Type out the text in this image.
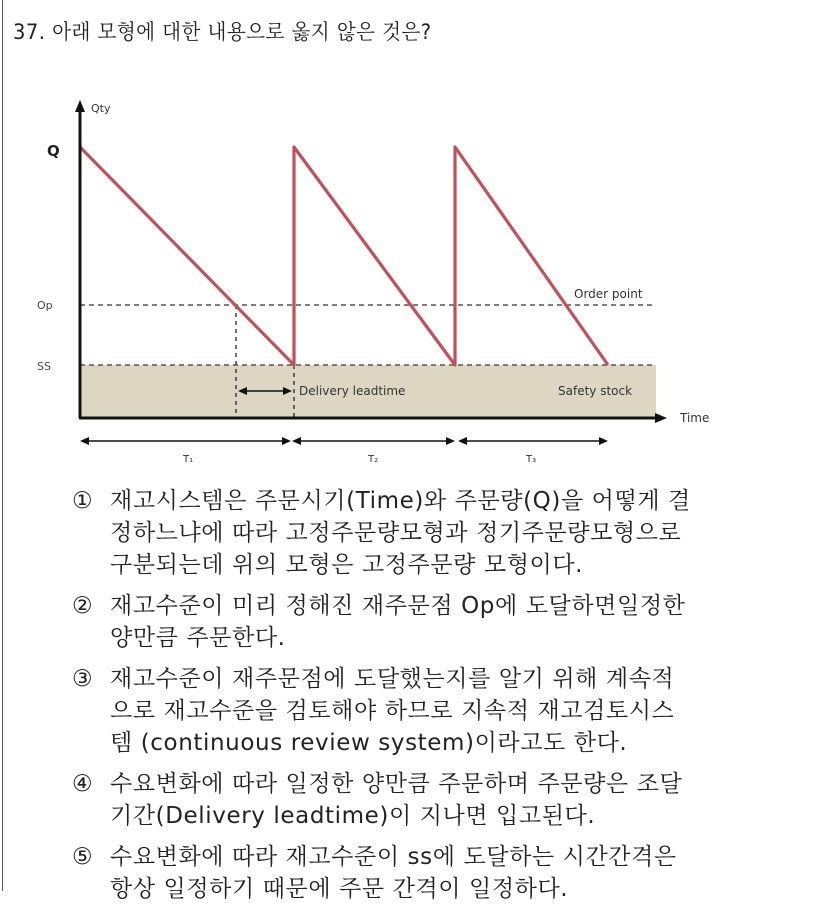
37. 아래 모형에 대한 내용으로 옳지 않은 것은?
Qty
Time
Q
Op
SS
Order point
Delivery leadtime	Safety stock
T₁	T₂	T₃
① 재고시스템은 주문시기(Time)와 주문량(Q)을 어떻게 결
정하느냐에 따라 고정주문량모형과 정기주문량모형으로
구분되는데 위의 모형은 고정주문량 모형이다.
② 재고수준이 미리 정해진 재주문점 Op에 도달하면일정한
양만큼 주문한다.
③ 재고수준이 재주문점에 도달했는지를 알기 위해 계속적
으로 재고수준을 검토해야 하므로 지속적 재고검토시스
템 (continuous review system)이라고도 한다.
④ 수요변화에 따라 일정한 양만큼 주문하며 주문량은 조달
기간(Delivery leadtime)이 지나면 입고된다.
⑤ 수요변화에 따라 재고수준이 ss에 도달하는 시간간격은
항상 일정하기 때문에 주문 간격이 일정하다.
